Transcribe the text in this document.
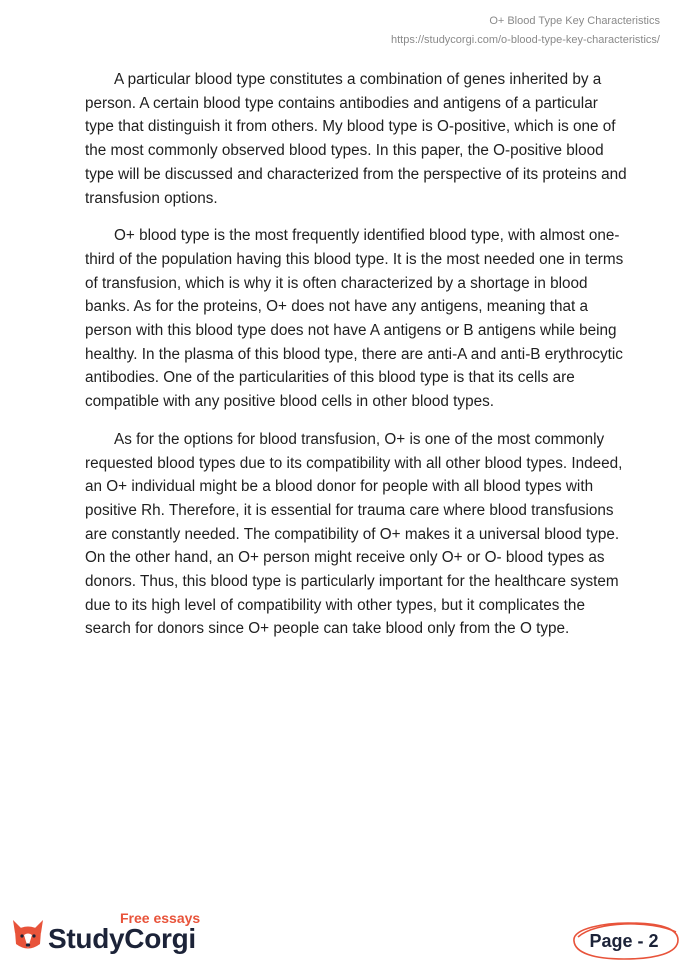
O+ Blood Type Key Characteristics
https://studycorgi.com/o-blood-type-key-characteristics/

A particular blood type constitutes a combination of genes inherited by a person. A certain blood type contains antibodies and antigens of a particular type that distinguish it from others. My blood type is O-positive, which is one of the most commonly observed blood types. In this paper, the O-positive blood type will be discussed and characterized from the perspective of its proteins and transfusion options.

O+ blood type is the most frequently identified blood type, with almost one-third of the population having this blood type. It is the most needed one in terms of transfusion, which is why it is often characterized by a shortage in blood banks. As for the proteins, O+ does not have any antigens, meaning that a person with this blood type does not have A antigens or B antigens while being healthy. In the plasma of this blood type, there are anti-A and anti-B erythrocytic antibodies. One of the particularities of this blood type is that its cells are compatible with any positive blood cells in other blood types.

As for the options for blood transfusion, O+ is one of the most commonly requested blood types due to its compatibility with all other blood types. Indeed, an O+ individual might be a blood donor for people with all blood types with positive Rh. Therefore, it is essential for trauma care where blood transfusions are constantly needed. The compatibility of O+ makes it a universal blood type. On the other hand, an O+ person might receive only O+ or O- blood types as donors. Thus, this blood type is particularly important for the healthcare system due to its high level of compatibility with other types, but it complicates the search for donors since O+ people can take blood only from the O type.

Free essays
StudyCorgi	Page - 2
